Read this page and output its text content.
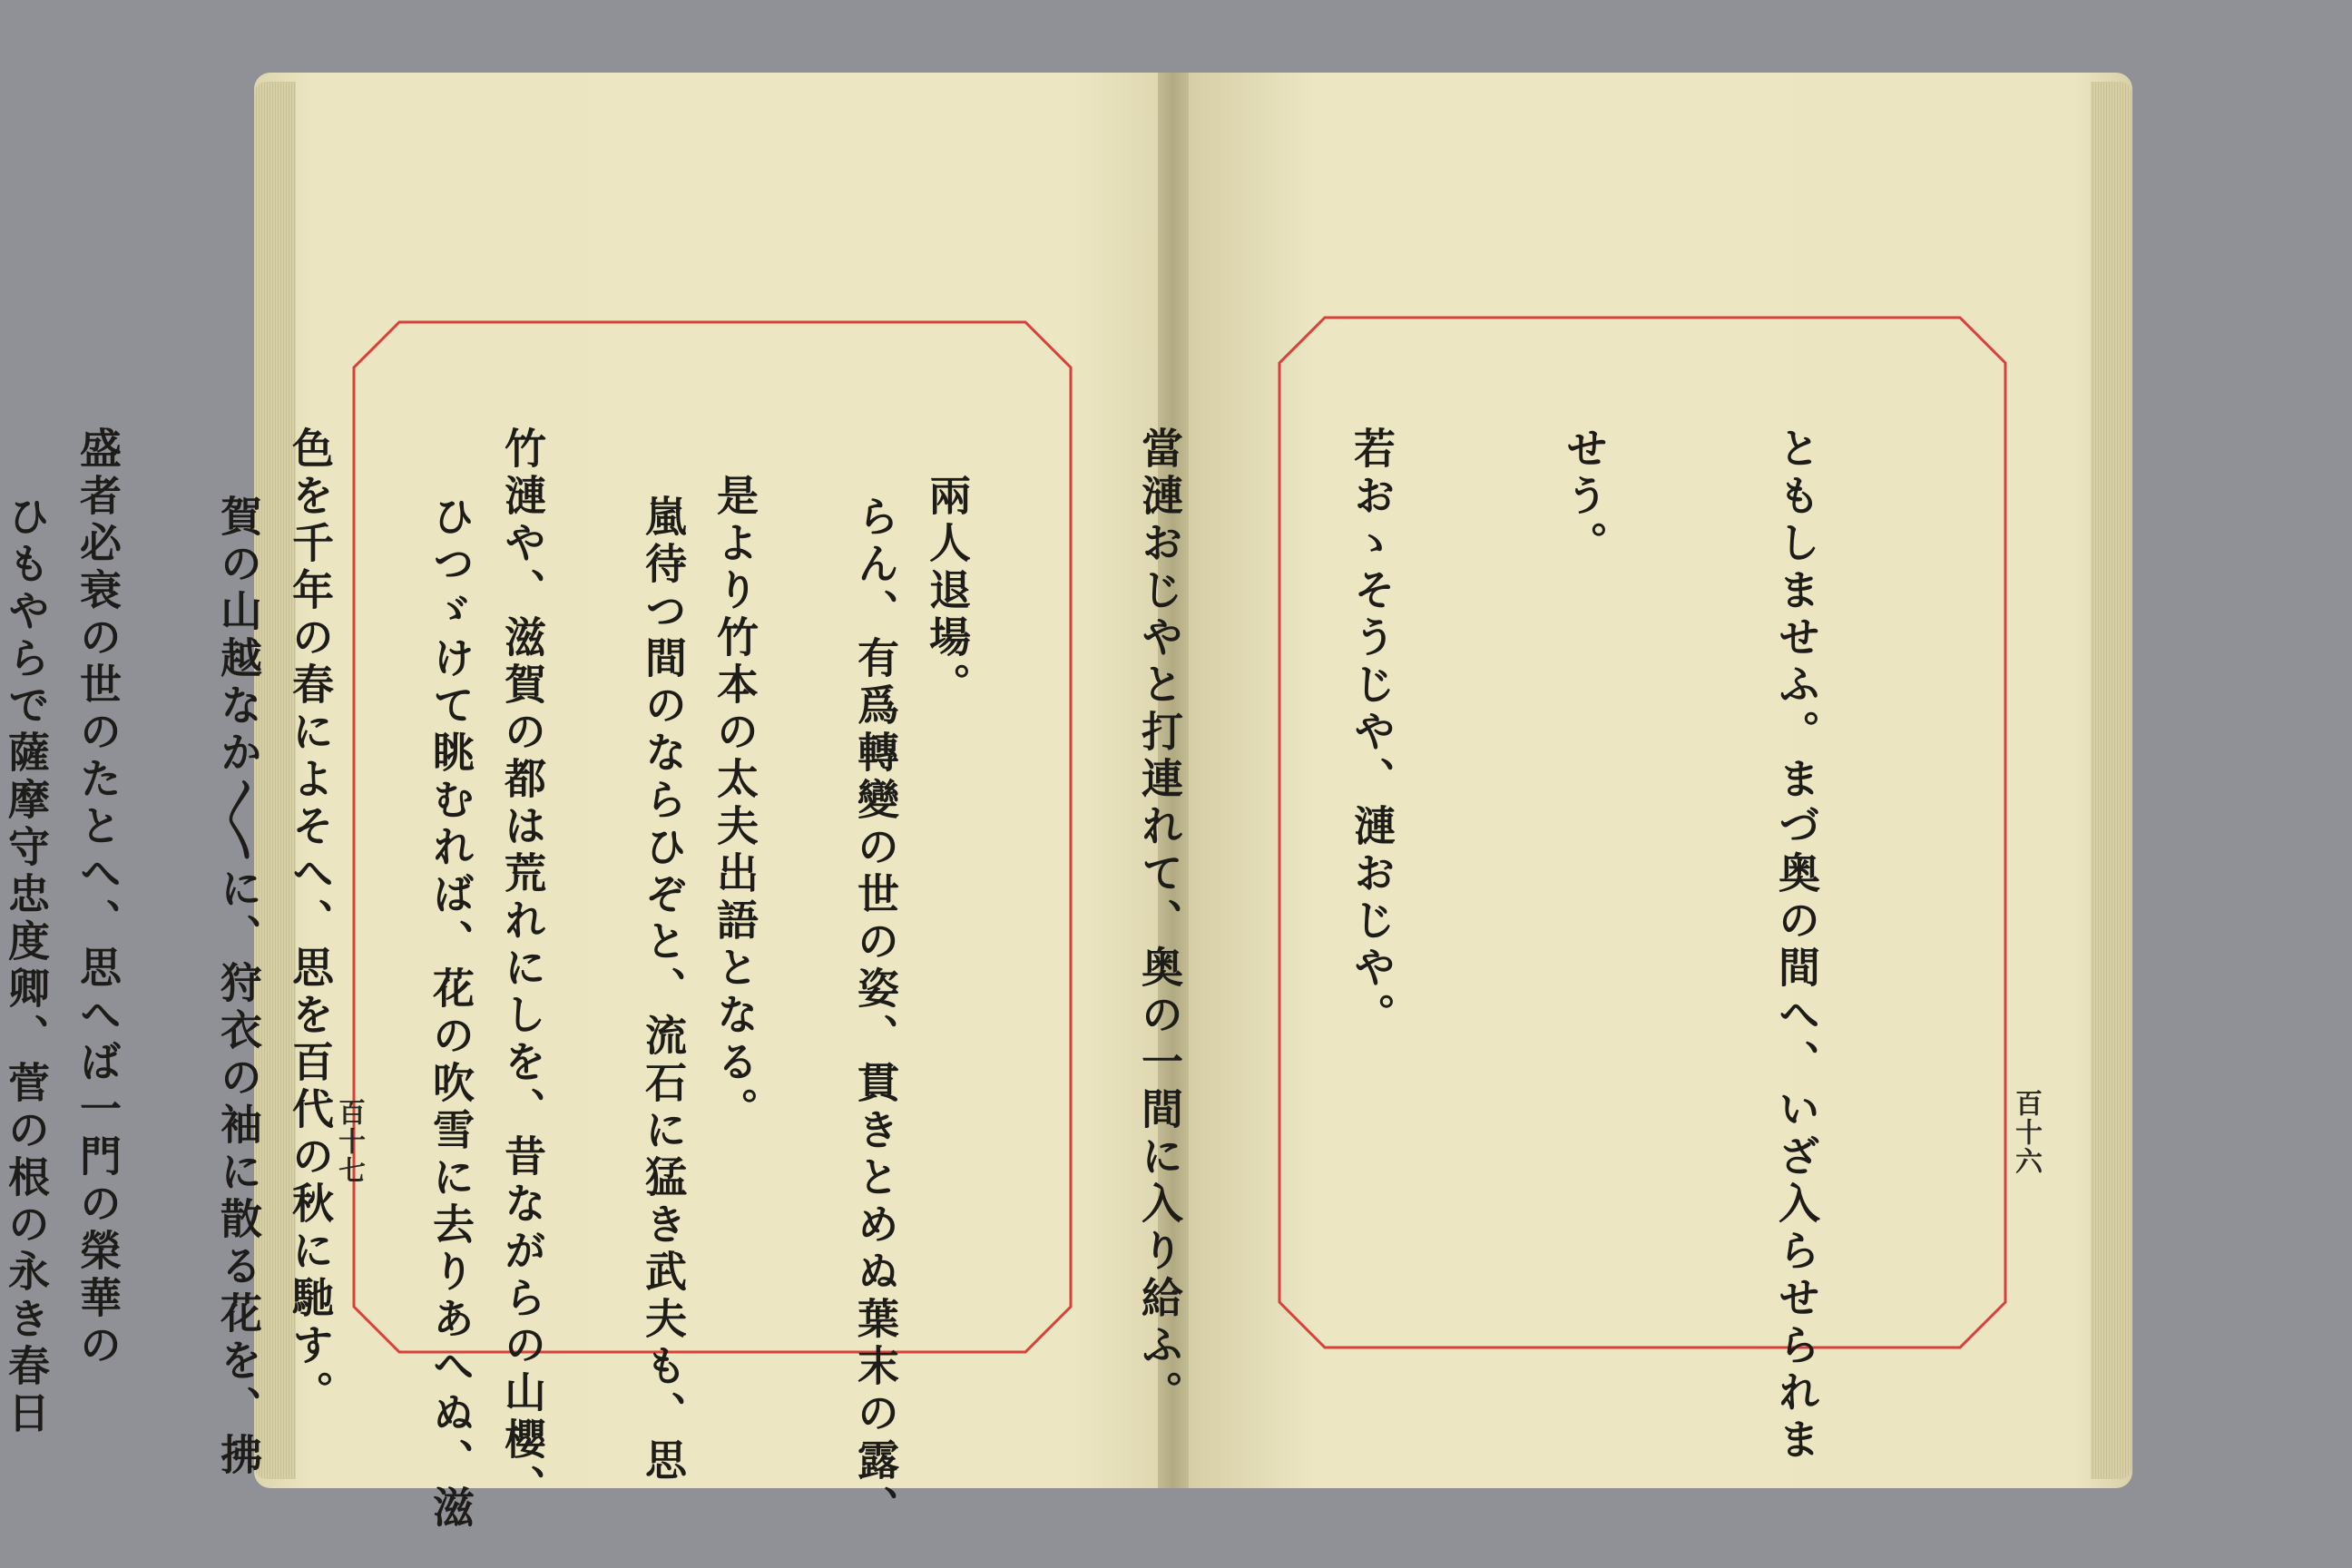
ともしませふ。まづ奥の間へ、いざ入らせられま

せう。

若おゝそうじや、漣おじや。

當漣おじやと打連れて、奥の一間に入り給ふ。

　兩人退場。

　是より竹本の太夫出語となる。

竹漣や、滋賀の都は荒れにしを、昔ながらの山櫻、

色を千年の春によそへ、思を百代の秋に馳す。

盛者必衰の世のたとへ、思へば一門の榮華の

	らん、有爲轉變の世の姿、貫きとめぬ葉末の露、

嵐待つ間のならひぞと、流石に猛き武夫も、思

ひつゞけて眺むれば、花の吹雪に去りあへぬ、滋

賀の山越なか〳〵に、狩衣の袖に散る花を、拂

ひもやらで薩摩守忠度卿、菅の根の永き春日

	百十六
百十七
